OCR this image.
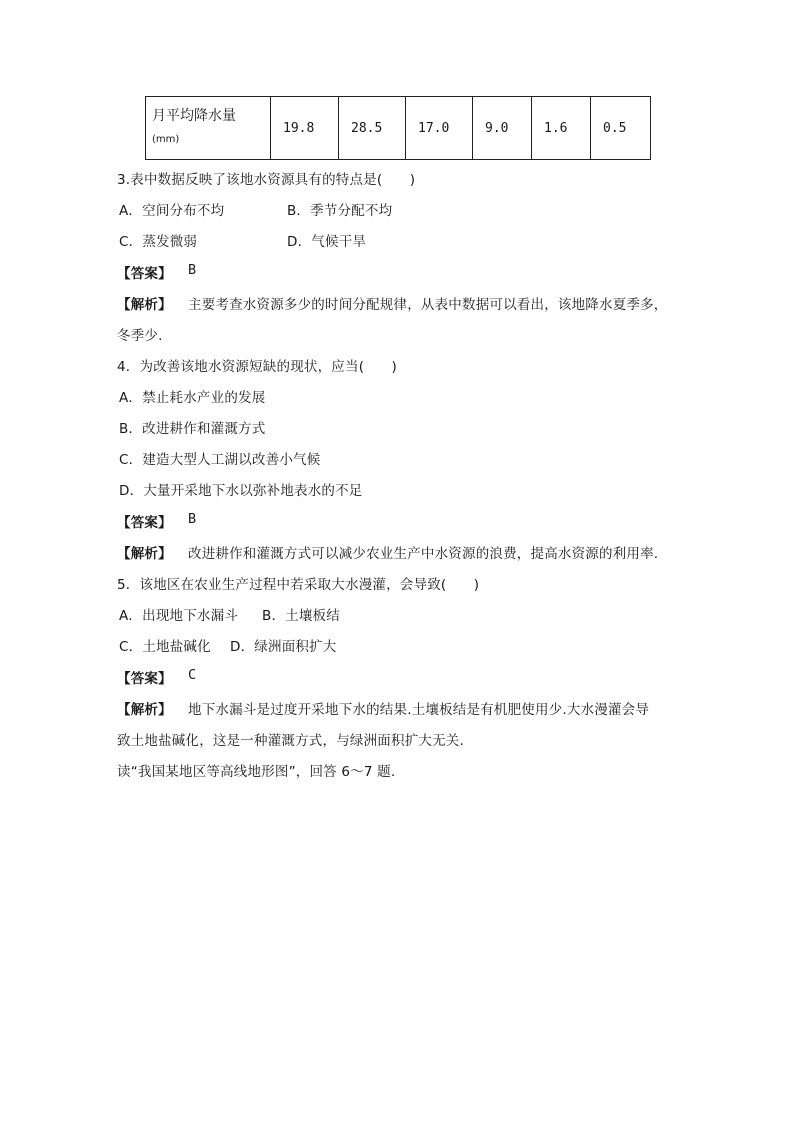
月平均降水量
(mm)
	19.8	28.5	17.0	9.0	1.6	0.5
3.表中数据反映了该地水资源具有的特点是(　　)
A．空间分布不均	B．季节分配不均
C．蒸发微弱	D．气候干旱
【答案】 B
【解析】 主要考查水资源多少的时间分配规律，从表中数据可以看出，该地降水夏季多，
冬季少.
4．为改善该地水资源短缺的现状，应当(　　)
A．禁止耗水产业的发展
B．改进耕作和灌溉方式
C．建造大型人工湖以改善小气候
D．大量开采地下水以弥补地表水的不足
【答案】 B
【解析】 改进耕作和灌溉方式可以减少农业生产中水资源的浪费，提高水资源的利用率.
5．该地区在农业生产过程中若采取大水漫灌，会导致(　　)
A．出现地下水漏斗 B．土壤板结
C．土地盐碱化 D．绿洲面积扩大
【答案】 C
【解析】 地下水漏斗是过度开采地下水的结果.土壤板结是有机肥使用少.大水漫灌会导
致土地盐碱化，这是一种灌溉方式，与绿洲面积扩大无关.
读“我国某地区等高线地形图”，回答 6～7 题.
